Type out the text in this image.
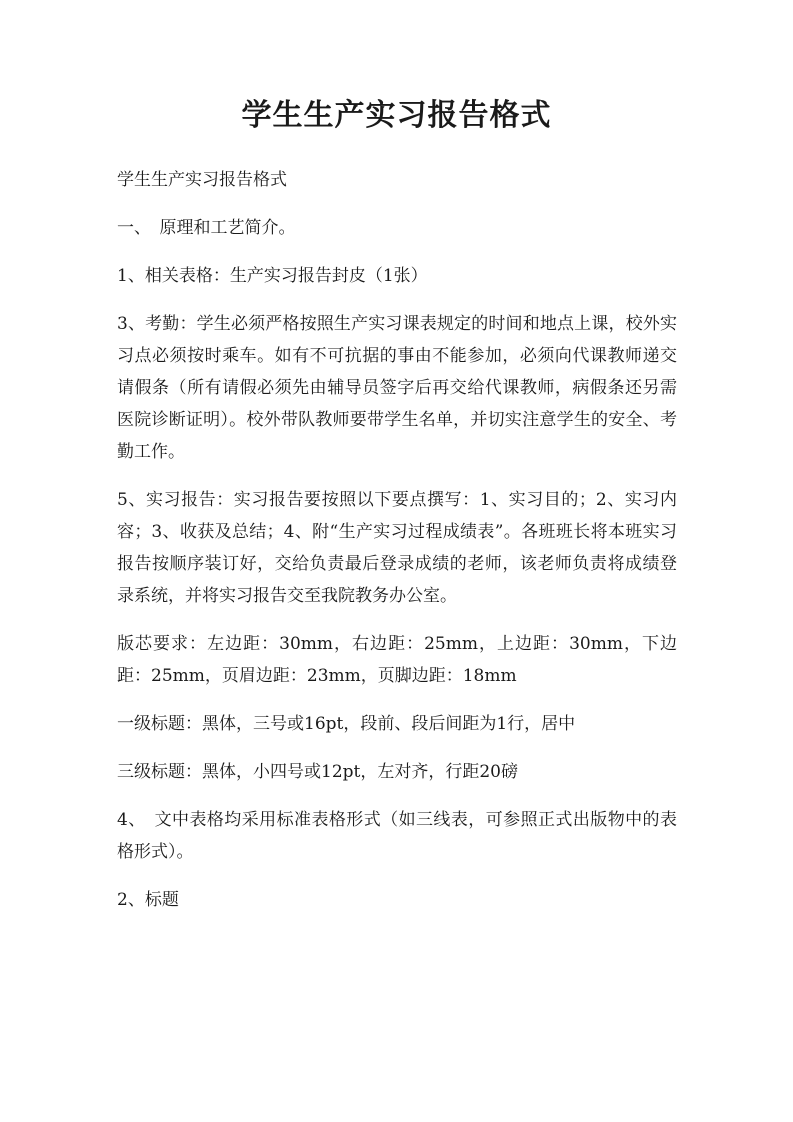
学生生产实习报告格式

学生生产实习报告格式

一、　原理和工艺简介。

1、相关表格：生产实习报告封皮（1张）

3、考勤：学生必须严格按照生产实习课表规定的时间和地点上课，校外实习点必须按时乘车。如有不可抗据的事由不能参加，必须向代课教师递交请假条（所有请假必须先由辅导员签字后再交给代课教师，病假条还另需医院诊断证明）。校外带队教师要带学生名单，并切实注意学生的安全、考勤工作。

5、实习报告：实习报告要按照以下要点撰写：1、实习目的；2、实习内容；3、收获及总结；4、附“生产实习过程成绩表”。各班班长将本班实习报告按顺序装订好，交给负责最后登录成绩的老师，该老师负责将成绩登录系统，并将实习报告交至我院教务办公室。

版芯要求：左边距：30mm，右边距：25mm，上边距：30mm，下边距：25mm，页眉边距：23mm，页脚边距：18mm

一级标题：黑体，三号或16pt，段前、段后间距为1行，居中

三级标题：黑体，小四号或12pt，左对齐，行距20磅

4、　文中表格均采用标准表格形式（如三线表，可参照正式出版物中的表格形式）。

2、标题
